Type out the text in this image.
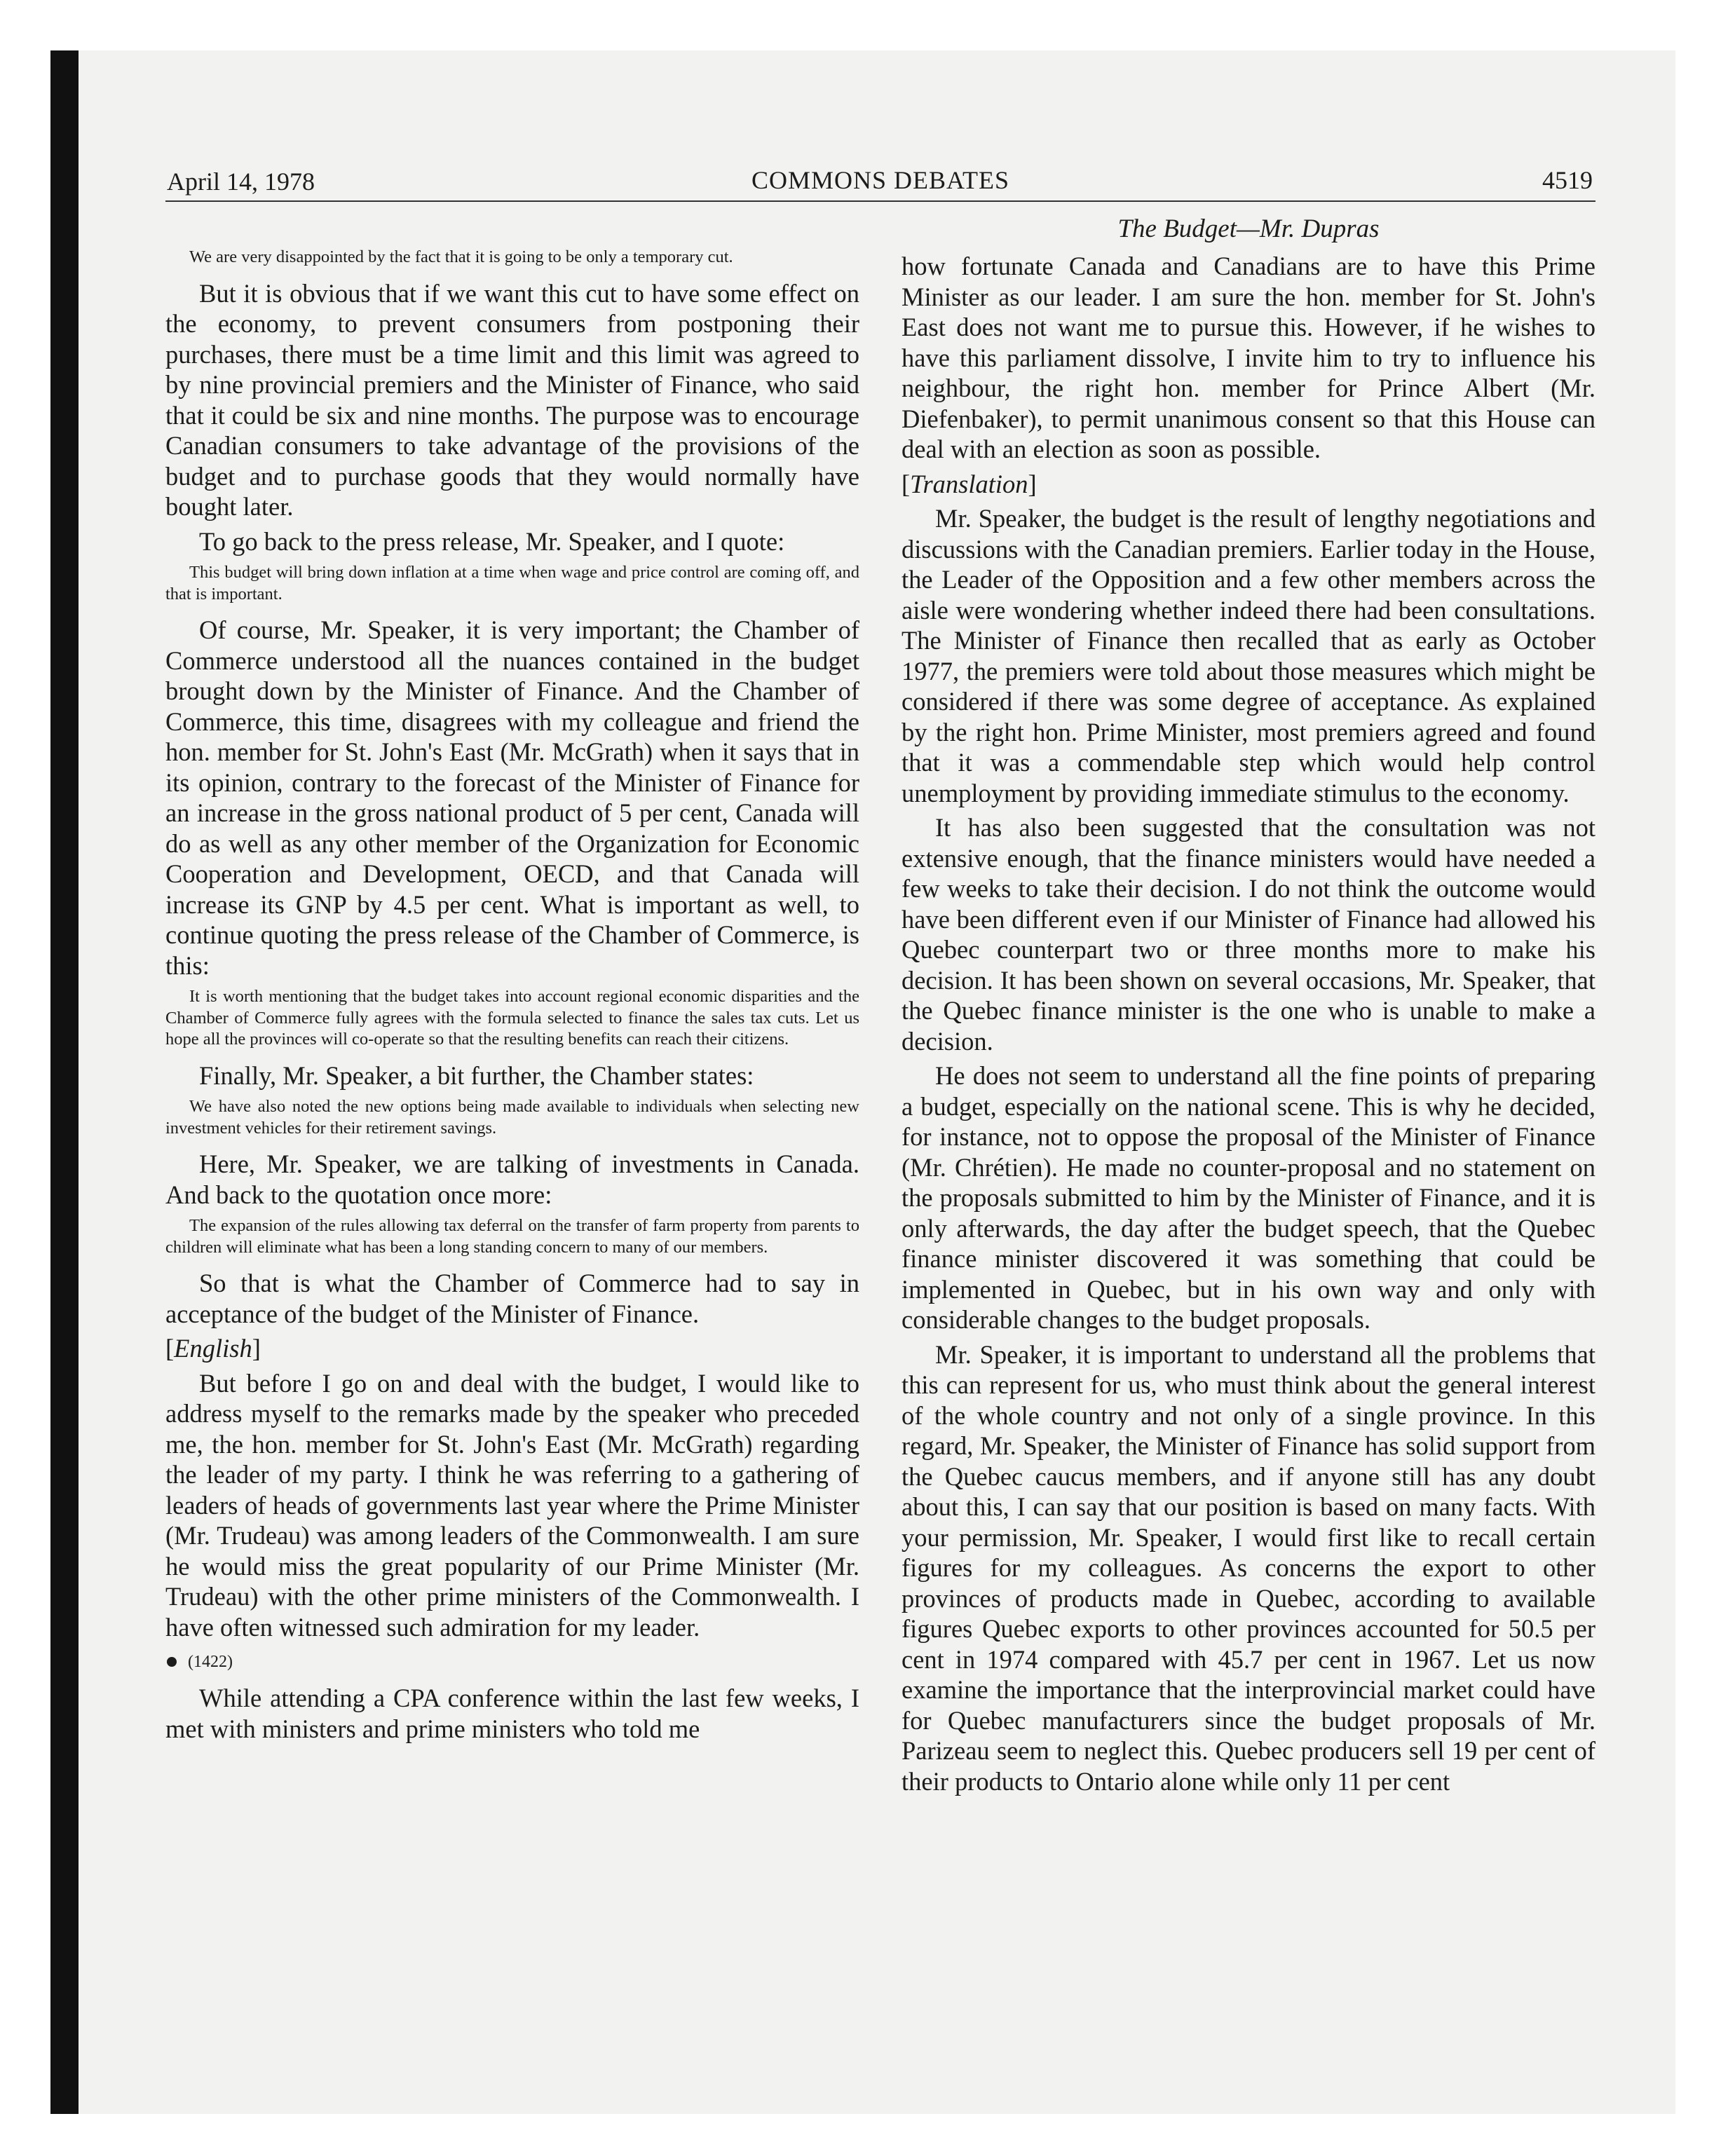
April 14, 1978	COMMONS DEBATES	4519

We are very disappointed by the fact that it is going to be only a temporary cut.

But it is obvious that if we want this cut to have some effect on the economy, to prevent consumers from postponing their purchases, there must be a time limit and this limit was agreed to by nine provincial premiers and the Minister of Finance, who said that it could be six and nine months. The purpose was to encourage Canadian consumers to take advantage of the provisions of the budget and to purchase goods that they would normally have bought later.

To go back to the press release, Mr. Speaker, and I quote:

This budget will bring down inflation at a time when wage and price control are coming off, and that is important.

Of course, Mr. Speaker, it is very important; the Chamber of Commerce understood all the nuances contained in the budget brought down by the Minister of Finance. And the Chamber of Commerce, this time, disagrees with my colleague and friend the hon. member for St. John's East (Mr. McGrath) when it says that in its opinion, contrary to the forecast of the Minister of Finance for an increase in the gross national product of 5 per cent, Canada will do as well as any other member of the Organization for Economic Cooperation and Development, OECD, and that Canada will increase its GNP by 4.5 per cent. What is important as well, to continue quoting the press release of the Chamber of Commerce, is this:

It is worth mentioning that the budget takes into account regional economic disparities and the Chamber of Commerce fully agrees with the formula selected to finance the sales tax cuts. Let us hope all the provinces will co-operate so that the resulting benefits can reach their citizens.

Finally, Mr. Speaker, a bit further, the Chamber states:

We have also noted the new options being made available to individuals when selecting new investment vehicles for their retirement savings.

Here, Mr. Speaker, we are talking of investments in Canada. And back to the quotation once more:

The expansion of the rules allowing tax deferral on the transfer of farm property from parents to children will eliminate what has been a long standing concern to many of our members.

So that is what the Chamber of Commerce had to say in acceptance of the budget of the Minister of Finance.

[English]

But before I go on and deal with the budget, I would like to address myself to the remarks made by the speaker who preceded me, the hon. member for St. John's East (Mr. McGrath) regarding the leader of my party. I think he was referring to a gathering of leaders of heads of governments last year where the Prime Minister (Mr. Trudeau) was among leaders of the Commonwealth. I am sure he would miss the great popularity of our Prime Minister (Mr. Trudeau) with the other prime ministers of the Commonwealth. I have often witnessed such admiration for my leader.

(1422)

While attending a CPA conference within the last few weeks, I met with ministers and prime ministers who told me

The Budget—Mr. Dupras

how fortunate Canada and Canadians are to have this Prime Minister as our leader. I am sure the hon. member for St. John's East does not want me to pursue this. However, if he wishes to have this parliament dissolve, I invite him to try to influence his neighbour, the right hon. member for Prince Albert (Mr. Diefenbaker), to permit unanimous consent so that this House can deal with an election as soon as possible.

[Translation]

Mr. Speaker, the budget is the result of lengthy negotiations and discussions with the Canadian premiers. Earlier today in the House, the Leader of the Opposition and a few other members across the aisle were wondering whether indeed there had been consultations. The Minister of Finance then recalled that as early as October 1977, the premiers were told about those measures which might be considered if there was some degree of acceptance. As explained by the right hon. Prime Minister, most premiers agreed and found that it was a commendable step which would help control unemployment by providing immediate stimulus to the economy.

It has also been suggested that the consultation was not extensive enough, that the finance ministers would have needed a few weeks to take their decision. I do not think the outcome would have been different even if our Minister of Finance had allowed his Quebec counterpart two or three months more to make his decision. It has been shown on several occasions, Mr. Speaker, that the Quebec finance minister is the one who is unable to make a decision.

He does not seem to understand all the fine points of preparing a budget, especially on the national scene. This is why he decided, for instance, not to oppose the proposal of the Minister of Finance (Mr. Chrétien). He made no counter-proposal and no statement on the proposals submitted to him by the Minister of Finance, and it is only afterwards, the day after the budget speech, that the Quebec finance minister discovered it was something that could be implemented in Quebec, but in his own way and only with considerable changes to the budget proposals.

Mr. Speaker, it is important to understand all the problems that this can represent for us, who must think about the general interest of the whole country and not only of a single province. In this regard, Mr. Speaker, the Minister of Finance has solid support from the Quebec caucus members, and if anyone still has any doubt about this, I can say that our position is based on many facts. With your permission, Mr. Speaker, I would first like to recall certain figures for my colleagues. As concerns the export to other provinces of products made in Quebec, according to available figures Quebec exports to other provinces accounted for 50.5 per cent in 1974 compared with 45.7 per cent in 1967. Let us now examine the importance that the interprovincial market could have for Quebec manufacturers since the budget proposals of Mr. Parizeau seem to neglect this. Quebec producers sell 19 per cent of their products to Ontario alone while only 11 per cent
